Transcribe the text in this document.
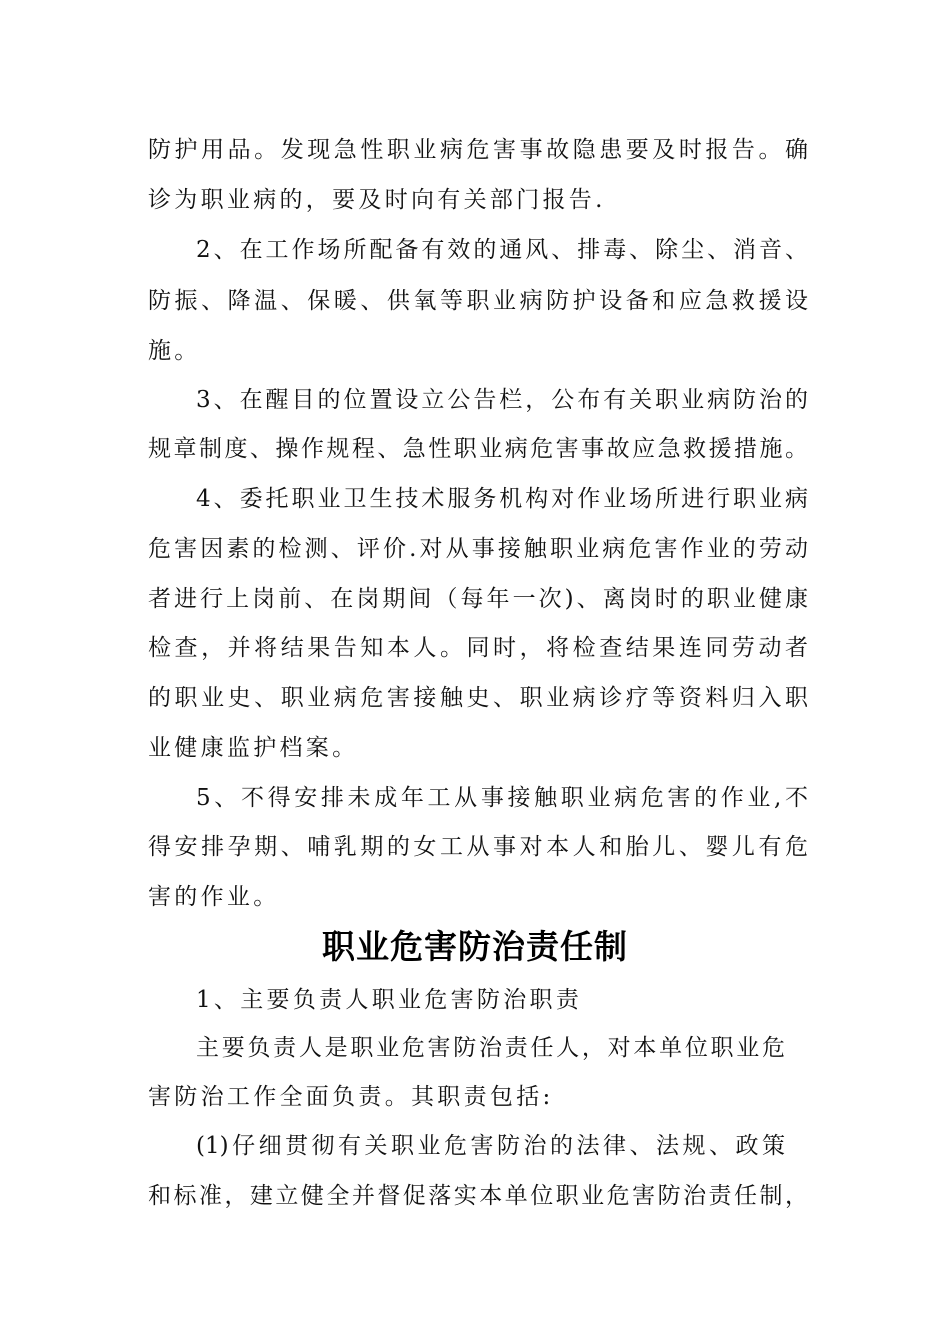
防护用品。发现急性职业病危害事故隐患要及时报告。确
诊为职业病的，要及时向有关部门报告.
2、在工作场所配备有效的通风、排毒、除尘、消音、
防振、降温、保暖、供氧等职业病防护设备和应急救援设
施。
3、在醒目的位置设立公告栏，公布有关职业病防治的
规章制度、操作规程、急性职业病危害事故应急救援措施。
4、委托职业卫生技术服务机构对作业场所进行职业病
危害因素的检测、评价.对从事接触职业病危害作业的劳动
者进行上岗前、在岗期间（每年一次)、离岗时的职业健康
检查，并将结果告知本人。同时，将检查结果连同劳动者
的职业史、职业病危害接触史、职业病诊疗等资料归入职
业健康监护档案。
5、不得安排未成年工从事接触职业病危害的作业,不
得安排孕期、哺乳期的女工从事对本人和胎儿、婴儿有危
害的作业。
职业危害防治责任制
1、主要负责人职业危害防治职责
主要负责人是职业危害防治责任人，对本单位职业危
害防治工作全面负责。其职责包括:
(1)仔细贯彻有关职业危害防治的法律、法规、政策
和标准，建立健全并督促落实本单位职业危害防治责任制，
